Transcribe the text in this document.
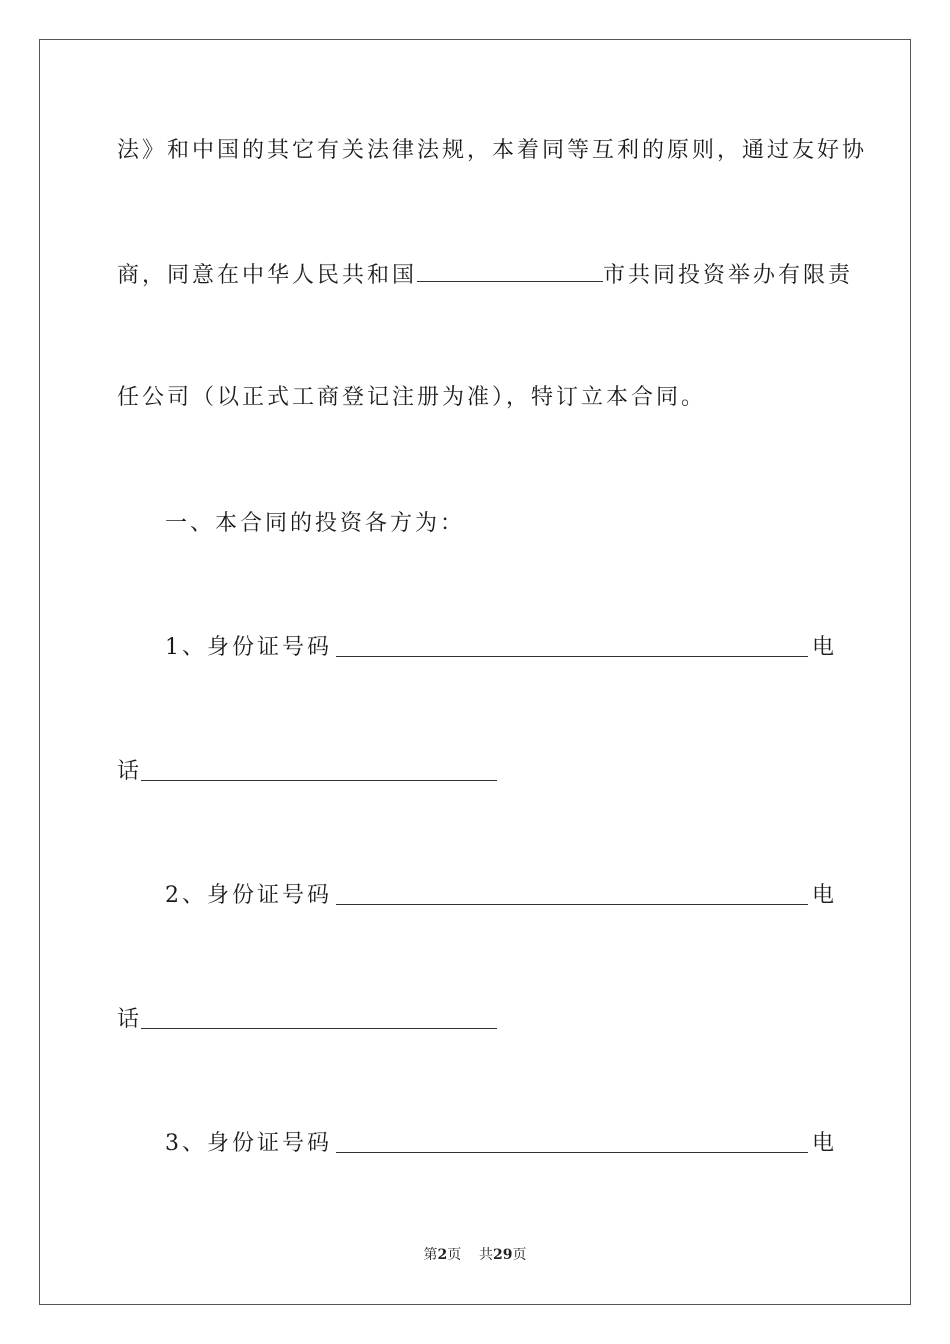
法》和中国的其它有关法律法规，本着同等互利的原则，通过友好协
商，同意在中华人民共和国	市共同投资举办有限责
任公司（以正式工商登记注册为准），特订立本合同。
一、本合同的投资各方为：
1、身份证号码	电
话
2、身份证号码	电
话
3、身份证号码	电
第2页 共29页
